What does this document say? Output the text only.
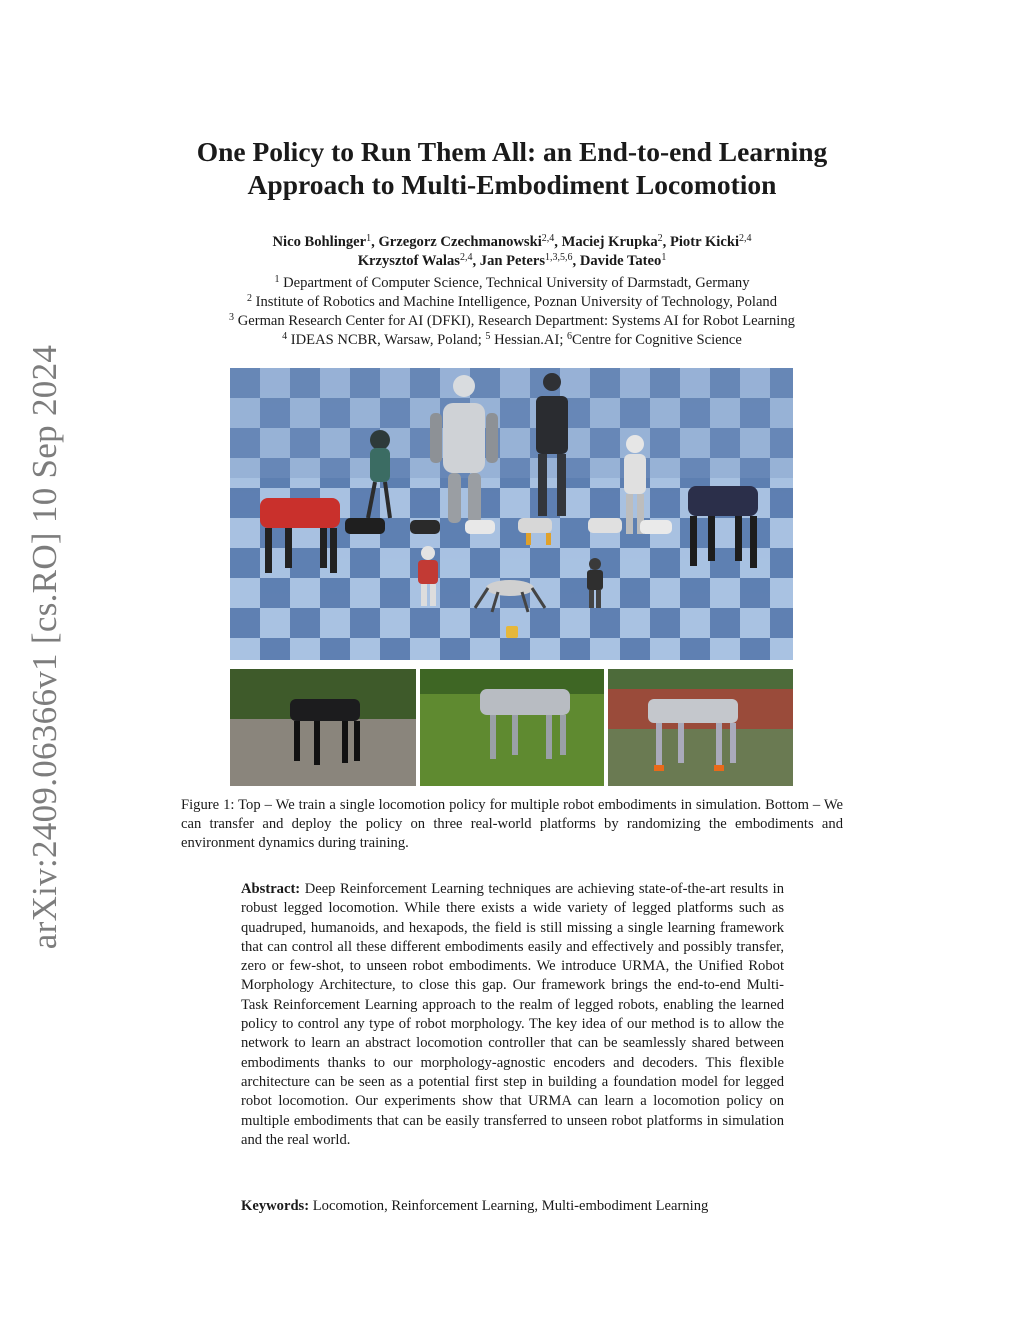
arXiv:2409.06366v1 [cs.RO] 10 Sep 2024
One Policy to Run Them All: an End-to-end Learning
Approach to Multi-Embodiment Locomotion
Nico Bohlinger$^1$, Grzegorz Czechmanowski$^{2,4}$, Maciej Krupka$^2$, Piotr Kicki$^{2,4}$
Krzysztof Walas$^{2,4}$, Jan Peters$^{1,3,5,6}$, Davide Tateo$^1$
$^1$ Department of Computer Science, Technical University of Darmstadt, Germany
$^2$ Institute of Robotics and Machine Intelligence, Poznan University of Technology, Poland
$^3$ German Research Center for AI (DFKI), Research Department: Systems AI for Robot Learning
$^4$ IDEAS NCBR, Warsaw, Poland; $^5$ Hessian.AI; $^6$Centre for Cognitive Science
Figure 1: Top – We train a single locomotion policy for multiple robot embodiments in simulation. Bottom – We can transfer and deploy the policy on three real-world platforms by randomizing the embodiments and environment dynamics during training.
Abstract: Deep Reinforcement Learning techniques are achieving state-of-the-art results in robust legged locomotion. While there exists a wide variety of legged platforms such as quadruped, humanoids, and hexapods, the field is still missing a single learning framework that can control all these different embodiments easily and effectively and possibly transfer, zero or few-shot, to unseen robot embodiments. We introduce URMA, the Unified Robot Morphology Architecture, to close this gap. Our framework brings the end-to-end Multi-Task Reinforcement Learning approach to the realm of legged robots, enabling the learned policy to control any type of robot morphology. The key idea of our method is to allow the network to learn an abstract locomotion controller that can be seamlessly shared between embodiments thanks to our morphology-agnostic encoders and decoders. This flexible architecture can be seen as a potential first step in building a foundation model for legged robot locomotion. Our experiments show that URMA can learn a locomotion policy on multiple embodiments that can be easily transferred to unseen robot platforms in simulation and the real world.
Keywords: Locomotion, Reinforcement Learning, Multi-embodiment Learning
